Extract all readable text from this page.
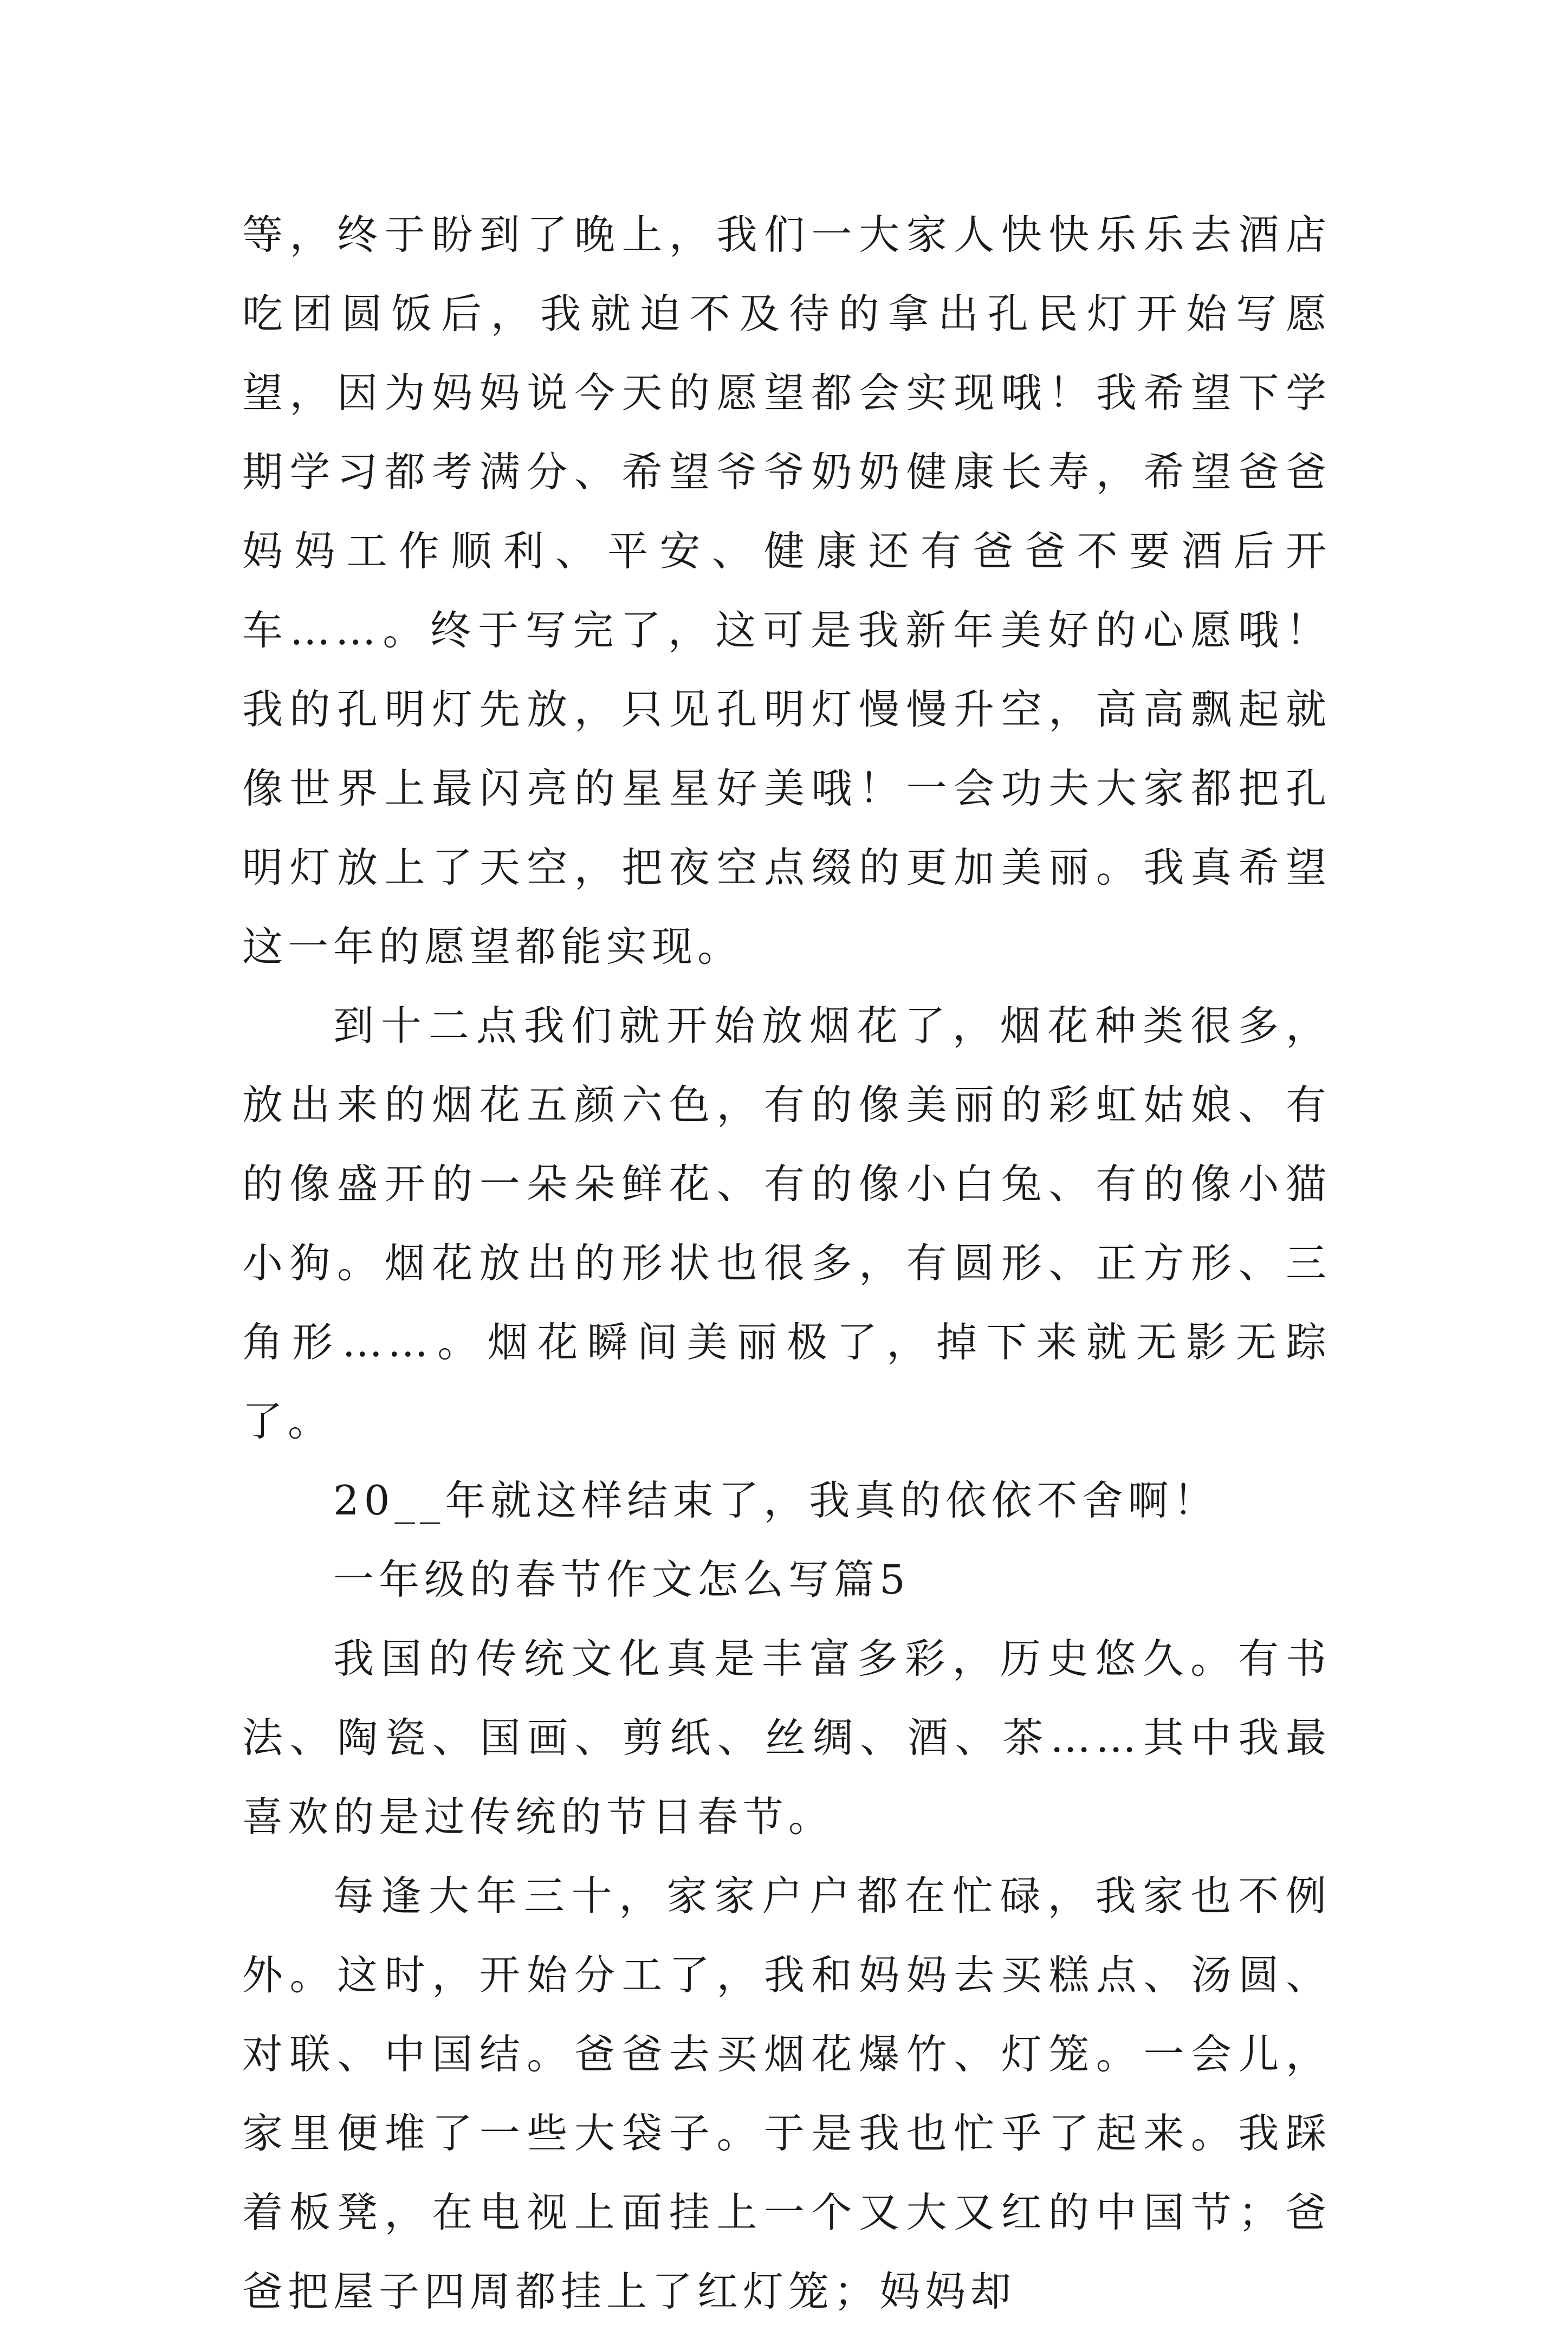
等，终于盼到了晚上，我们一大家人快快乐乐去酒店吃团圆饭后，我就迫不及待的拿出孔民灯开始写愿望，因为妈妈说今天的愿望都会实现哦！我希望下学期学习都考满分、希望爷爷奶奶健康长寿，希望爸爸妈妈工作顺利、平安、健康还有爸爸不要酒后开车……。终于写完了，这可是我新年美好的心愿哦！我的孔明灯先放，只见孔明灯慢慢升空，高高飘起就像世界上最闪亮的星星好美哦！一会功夫大家都把孔明灯放上了天空，把夜空点缀的更加美丽。我真希望这一年的愿望都能实现。

到十二点我们就开始放烟花了，烟花种类很多，放出来的烟花五颜六色，有的像美丽的彩虹姑娘、有的像盛开的一朵朵鲜花、有的像小白兔、有的像小猫小狗。烟花放出的形状也很多，有圆形、正方形、三角形……。烟花瞬间美丽极了，掉下来就无影无踪了。

20__年就这样结束了，我真的依依不舍啊！

一年级的春节作文怎么写篇5

我国的传统文化真是丰富多彩，历史悠久。有书法、陶瓷、国画、剪纸、丝绸、酒、茶……其中我最喜欢的是过传统的节日春节。

每逢大年三十，家家户户都在忙碌，我家也不例外。这时，开始分工了，我和妈妈去买糕点、汤圆、对联、中国结。爸爸去买烟花爆竹、灯笼。一会儿，家里便堆了一些大袋子。于是我也忙乎了起来。我踩着板凳，在电视上面挂上一个又大又红的中国节；爸爸把屋子四周都挂上了红灯笼；妈妈却
